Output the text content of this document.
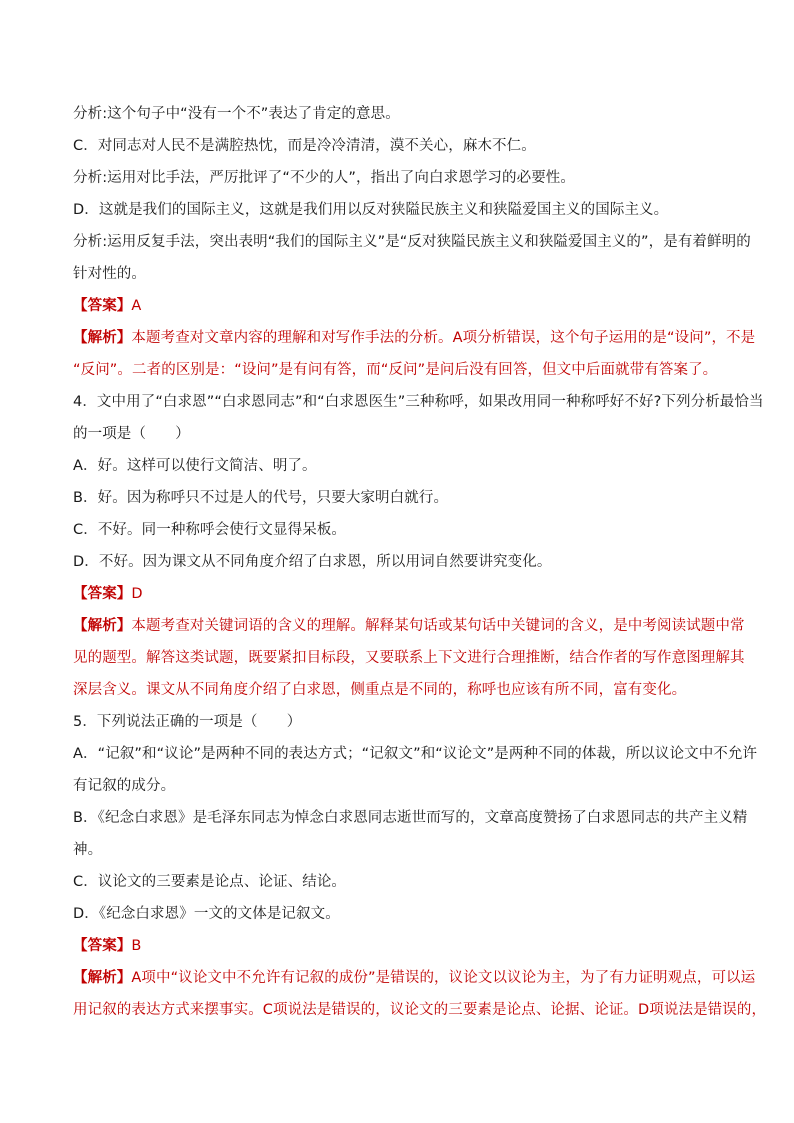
分析:这个句子中“没有一个不”表达了肯定的意思。
C．对同志对人民不是满腔热忱，而是冷冷清清，漠不关心，麻木不仁。
分析:运用对比手法，严厉批评了“不少的人”，指出了向白求恩学习的必要性。
D．这就是我们的国际主义，这就是我们用以反对狭隘民族主义和狭隘爱国主义的国际主义。
分析:运用反复手法，突出表明“我们的国际主义”是“反对狭隘民族主义和狭隘爱国主义的”，是有着鲜明的
针对性的。
【答案】A
【解析】本题考查对文章内容的理解和对写作手法的分析。A项分析错误，这个句子运用的是“设问”，不是
“反问”。二者的区别是：“设问”是有问有答，而“反问”是问后没有回答，但文中后面就带有答案了。
4．文中用了“白求恩”“白求恩同志”和“白求恩医生”三种称呼，如果改用同一种称呼好不好?下列分析最恰当
的一项是（　　）
A．好。这样可以使行文简洁、明了。
B．好。因为称呼只不过是人的代号，只要大家明白就行。
C．不好。同一种称呼会使行文显得呆板。
D．不好。因为课文从不同角度介绍了白求恩，所以用词自然要讲究变化。
【答案】D
【解析】本题考查对关键词语的含义的理解。解释某句话或某句话中关键词的含义，是中考阅读试题中常
见的题型。解答这类试题，既要紧扣目标段，又要联系上下文进行合理推断，结合作者的写作意图理解其
深层含义。课文从不同角度介绍了白求恩，侧重点是不同的，称呼也应该有所不同，富有变化。
5．下列说法正确的一项是（　　）
A．“记叙”和“议论”是两种不同的表达方式；“记叙文”和“议论文”是两种不同的体裁，所以议论文中不允许
有记叙的成分。
B．《纪念白求恩》是毛泽东同志为悼念白求恩同志逝世而写的，文章高度赞扬了白求恩同志的共产主义精
神。
C．议论文的三要素是论点、论证、结论。
D．《纪念白求恩》一文的文体是记叙文。
【答案】B
【解析】A项中“议论文中不允许有记叙的成份”是错误的，议论文以议论为主，为了有力证明观点，可以运
用记叙的表达方式来摆事实。C项说法是错误的，议论文的三要素是论点、论据、论证。D项说法是错误的，
